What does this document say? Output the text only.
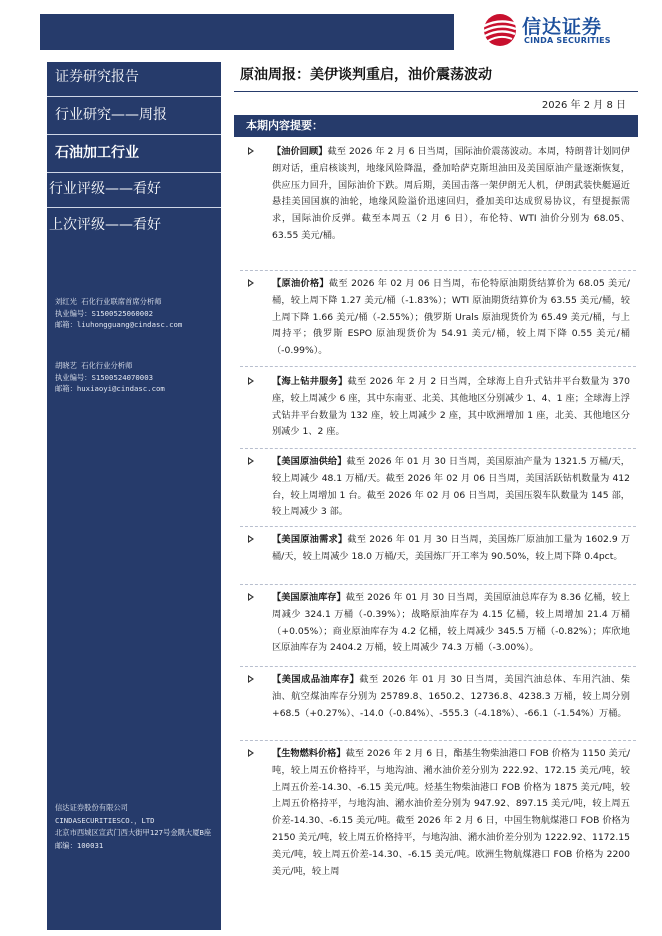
信达证券
CINDA SECURITIES
证券研究报告
行业研究——周报
石油加工行业
行业评级——看好
上次评级——看好
刘红光 石化行业联席首席分析师
执业编号：S1500525060002
邮箱：liuhongguang@cindasc.com
胡晓艺 石化行业分析师
执业编号：S1500524070003
邮箱：huxiaoyi@cindasc.com
信达证券股份有限公司
CINDASECURITIESCO.，LTD
北京市西城区宣武门西大街甲127号金隅大厦B座
邮编：100031
原油周报：美伊谈判重启，油价震荡波动
2026 年 2 月 8 日
本期内容提要：
【油价回顾】截至 2026 年 2 月 6 日当周，国际油价震荡波动。本周，特朗普计划同伊朗对话，重启核谈判，地缘风险降温，叠加哈萨克斯坦油田及美国原油产量逐渐恢复，供应压力回升，国际油价下跌。周后期，美国击落一架伊朗无人机，伊朗武装快艇逼近悬挂美国国旗的油轮，地缘风险溢价迅速回归，叠加美印达成贸易协议，有望提振需求，国际油价反弹。截至本周五（2 月 6 日），布伦特、WTI 油价分别为 68.05、63.55 美元/桶。
【原油价格】截至 2026 年 02 月 06 日当周，布伦特原油期货结算价为 68.05 美元/桶，较上周下降 1.27 美元/桶（-1.83%）；WTI 原油期货结算价为 63.55 美元/桶，较上周下降 1.66 美元/桶（-2.55%）；俄罗斯 Urals 原油现货价为 65.49 美元/桶，与上周持平；俄罗斯 ESPO 原油现货价为 54.91 美元/桶，较上周下降 0.55 美元/桶（-0.99%）。
【海上钻井服务】截至 2026 年 2 月 2 日当周，全球海上自升式钻井平台数量为 370 座，较上周减少 6 座，其中东南亚、北美、其他地区分别减少 1、4、1 座；全球海上浮式钻井平台数量为 132 座，较上周减少 2 座，其中欧洲增加 1 座，北美、其他地区分别减少 1、2 座。
【美国原油供给】截至 2026 年 01 月 30 日当周，美国原油产量为 1321.5 万桶/天，较上周减少 48.1 万桶/天。截至 2026 年 02 月 06 日当周，美国活跃钻机数量为 412 台，较上周增加 1 台。截至 2026 年 02 月 06 日当周，美国压裂车队数量为 145 部，较上周减少 3 部。
【美国原油需求】截至 2026 年 01 月 30 日当周，美国炼厂原油加工量为 1602.9 万桶/天，较上周减少 18.0 万桶/天，美国炼厂开工率为 90.50%，较上周下降 0.4pct。
【美国原油库存】截至 2026 年 01 月 30 日当周，美国原油总库存为 8.36 亿桶，较上周减少 324.1 万桶（-0.39%）；战略原油库存为 4.15 亿桶，较上周增加 21.4 万桶（+0.05%）；商业原油库存为 4.2 亿桶，较上周减少 345.5 万桶（-0.82%）；库欣地区原油库存为 2404.2 万桶，较上周减少 74.3 万桶（-3.00%）。
【美国成品油库存】截至 2026 年 01 月 30 日当周，美国汽油总体、车用汽油、柴油、航空煤油库存分别为 25789.8、1650.2、12736.8、4238.3 万桶，较上周分别 +68.5（+0.27%）、-14.0（-0.84%）、-555.3（-4.18%）、-66.1（-1.54%）万桶。
【生物燃料价格】截至 2026 年 2 月 6 日，酯基生物柴油港口 FOB 价格为 1150 美元/吨，较上周五价格持平，与地沟油、潲水油价差分别为 222.92、172.15 美元/吨，较上周五价差-14.30、-6.15 美元/吨。烃基生物柴油港口 FOB 价格为 1875 美元/吨，较上周五价格持平，与地沟油、潲水油价差分别为 947.92、897.15 美元/吨，较上周五价差-14.30、-6.15 美元/吨。截至 2026 年 2 月 6 日，中国生物航煤港口 FOB 价格为 2150 美元/吨，较上周五价格持平，与地沟油、潲水油价差分别为 1222.92、1172.15 美元/吨，较上周五价差-14.30、-6.15 美元/吨。欧洲生物航煤港口 FOB 价格为 2200 美元/吨，较上周
